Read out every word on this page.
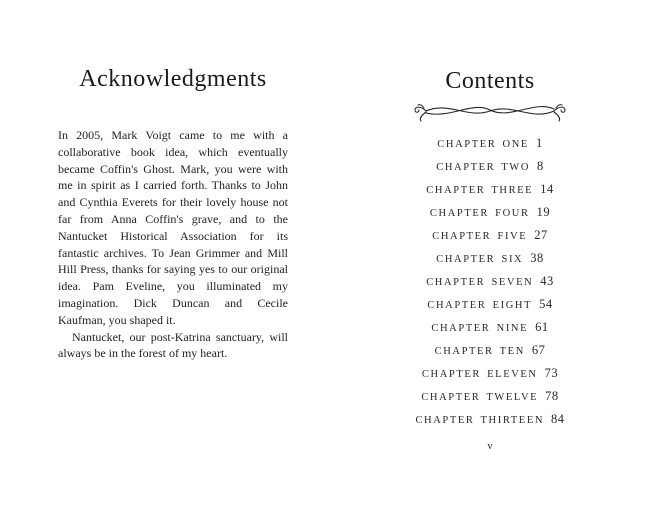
Acknowledgments

In 2005, Mark Voigt came to me with a collaborative book idea, which eventually became Coffin's Ghost. Mark, you were with me in spirit as I carried forth. Thanks to John and Cynthia Everets for their lovely house not far from Anna Coffin's grave, and to the Nantucket Historical Association for its fantastic archives. To Jean Grimmer and Mill Hill Press, thanks for saying yes to our original idea. Pam Eveline, you illuminated my imagination. Dick Duncan and Cecile Kaufman, you shaped it.

Nantucket, our post-Katrina sanctuary, will always be in the forest of my heart.

Contents
CHAPTER ONE 1
CHAPTER TWO 8
CHAPTER THREE 14
CHAPTER FOUR 19
CHAPTER FIVE 27
CHAPTER SIX 38
CHAPTER SEVEN 43
CHAPTER EIGHT 54
CHAPTER NINE 61
CHAPTER TEN 67
CHAPTER ELEVEN 73
CHAPTER TWELVE 78
CHAPTER THIRTEEN 84
v
